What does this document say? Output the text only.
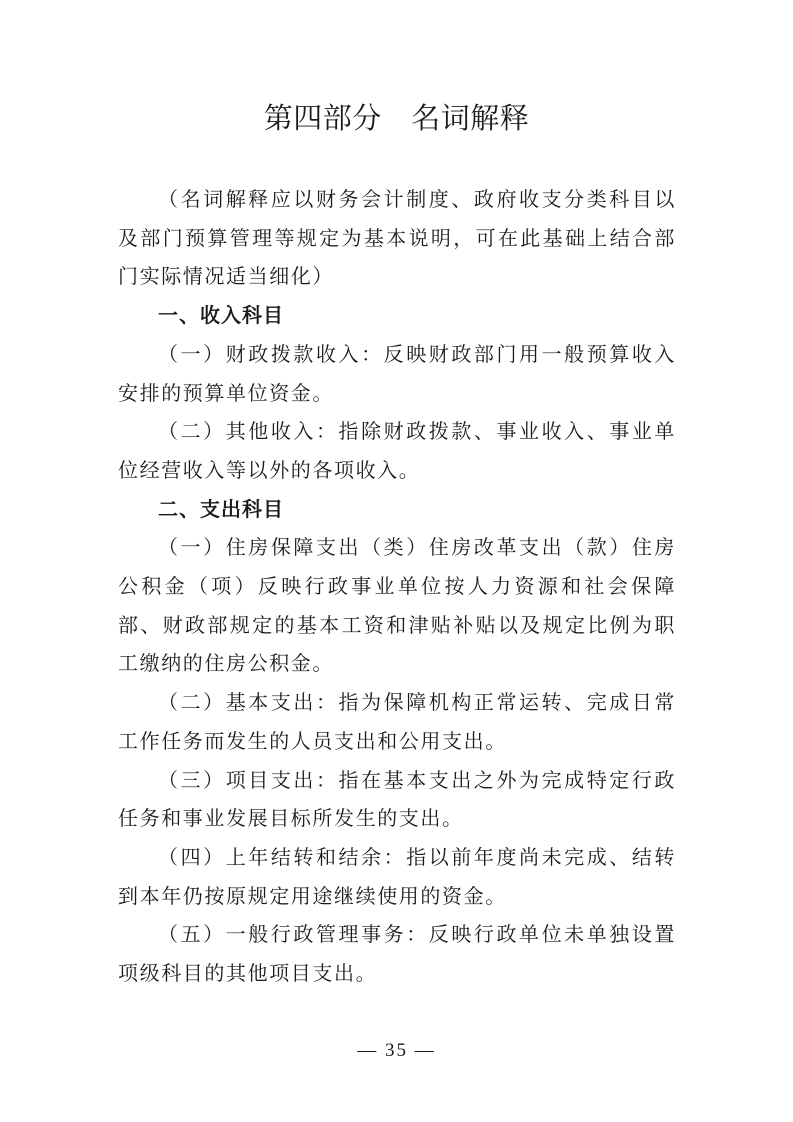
第四部分　名词解释

（名词解释应以财务会计制度、政府收支分类科目以及部门预算管理等规定为基本说明，可在此基础上结合部门实际情况适当细化）

一、收入科目

（一）财政拨款收入：反映财政部门用一般预算收入安排的预算单位资金。

（二）其他收入：指除财政拨款、事业收入、事业单位经营收入等以外的各项收入。

二、支出科目

（一）住房保障支出（类）住房改革支出（款）住房公积金（项）反映行政事业单位按人力资源和社会保障部、财政部规定的基本工资和津贴补贴以及规定比例为职工缴纳的住房公积金。

（二）基本支出：指为保障机构正常运转、完成日常工作任务而发生的人员支出和公用支出。

（三）项目支出：指在基本支出之外为完成特定行政任务和事业发展目标所发生的支出。

（四）上年结转和结余：指以前年度尚未完成、结转到本年仍按原规定用途继续使用的资金。

（五）一般行政管理事务：反映行政单位未单独设置项级科目的其他项目支出。

— 35 —
